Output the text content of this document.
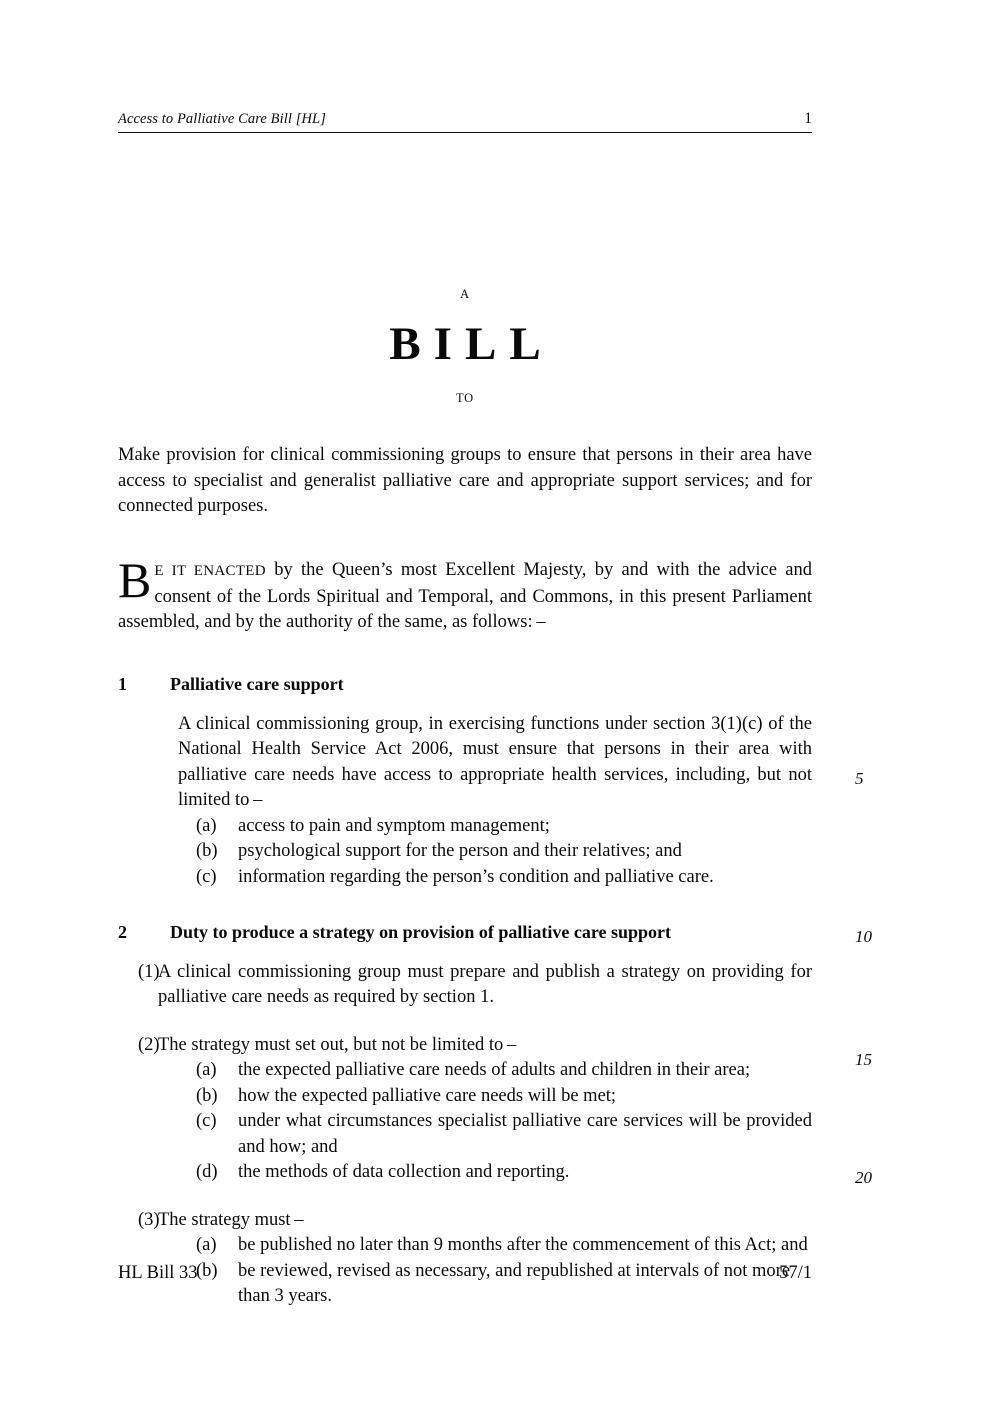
Access to Palliative Care Bill [HL]	1
A
BILL
TO
Make provision for clinical commissioning groups to ensure that persons in their area have access to specialist and generalist palliative care and appropriate support services; and for connected purposes.
B E IT ENACTED by the Queen’s most Excellent Majesty, by and with the advice and consent of the Lords Spiritual and Temporal, and Commons, in this present Parliament assembled, and by the authority of the same, as follows: –
1	Palliative care support
A clinical commissioning group, in exercising functions under section 3(1)(c) of the National Health Service Act 2006, must ensure that persons in their area with palliative care needs have access to appropriate health services, including, but not limited to –
(a)	access to pain and symptom management;
(b)	psychological support for the person and their relatives; and
(c)	information regarding the person’s condition and palliative care.
2	Duty to produce a strategy on provision of palliative care support
(1)
A clinical commissioning group must prepare and publish a strategy on providing for palliative care needs as required by section 1.
(2)
The strategy must set out, but not be limited to –
(a)	the expected palliative care needs of adults and children in their area;
(b)	how the expected palliative care needs will be met;
(c)	under what circumstances specialist palliative care services will be provided and how; and
(d)	the methods of data collection and reporting.
(3)
The strategy must –
(a)	be published no later than 9 months after the commencement of this Act; and
(b)	be reviewed, revised as necessary, and republished at intervals of not more than 3 years.
5
10
15
20
HL Bill 33	57/1
